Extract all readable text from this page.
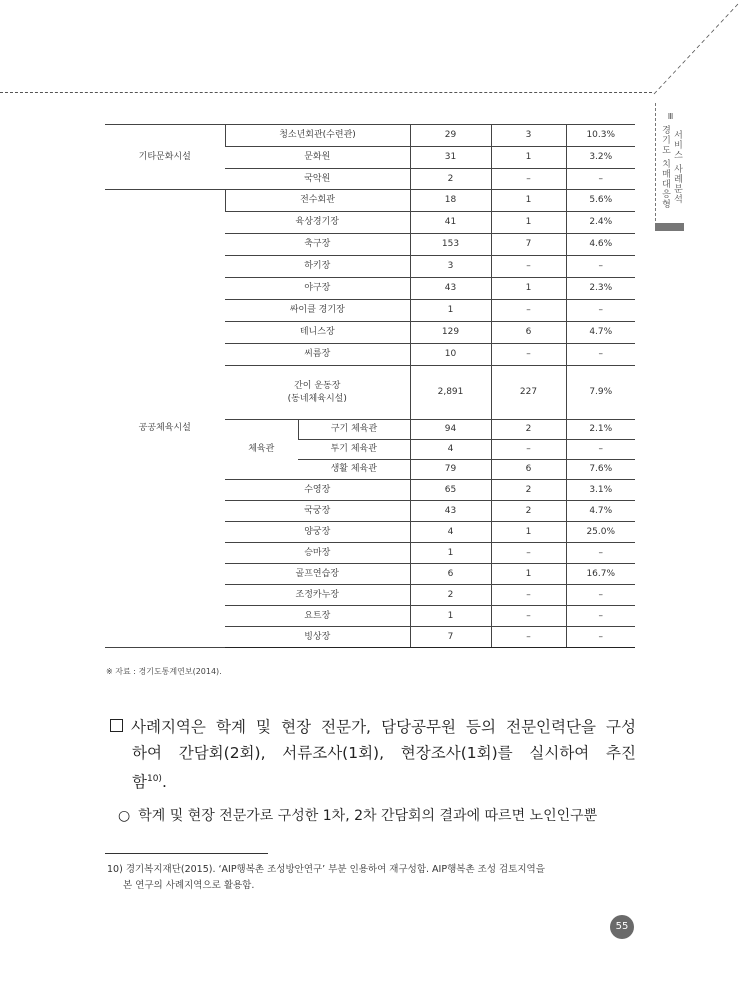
Ⅲ
경기도 치매대응형 서비스 사례분석
기타문화시설	청소년회관(수련관)		29	3	10.3%
	문화원		31	1	3.2%
	국악원		2	–	–
공공체육시설	전수회관		18	1	5.6%
	육상경기장		41	1	2.4%
	축구장		153	7	4.6%
	하키장		3	–	–
	야구장		43	1	2.3%
	싸이클 경기장		1	–	–
	테니스장		129	6	4.7%
	씨름장		10	–	–
	간이 운동장
(동네체육시설)		2,891	227	7.9%
	체육관	구기 체육관	94	2	2.1%
		투기 체육관	4	–	–
		생활 체육관	79	6	7.6%
	수영장		65	2	3.1%
	국궁장		43	2	4.7%
	양궁장		4	1	25.0%
	승마장		1	–	–
	골프연습장		6	1	16.7%
	조정카누장		2	–	–
	요트장		1	–	–
	빙상장		7	–	–
※ 자료 : 경기도통계연보(2014).
사례지역은 학계 및 현장 전문가, 담당공무원 등의 전문인력단을 구성
하여 간담회(2회), 서류조사(1회), 현장조사(1회)를 실시하여 추진
함$^{10)}$.
○ 학계 및 현장 전문가로 구성한 1차, 2차 간담회의 결과에 따르면 노인인구뿐
10) 경기복지재단(2015). ‘AIP행복촌 조성방안연구’ 부분 인용하여 재구성함. AIP행복촌 조성 검토지역을
본 연구의 사례지역으로 활용함.
55
